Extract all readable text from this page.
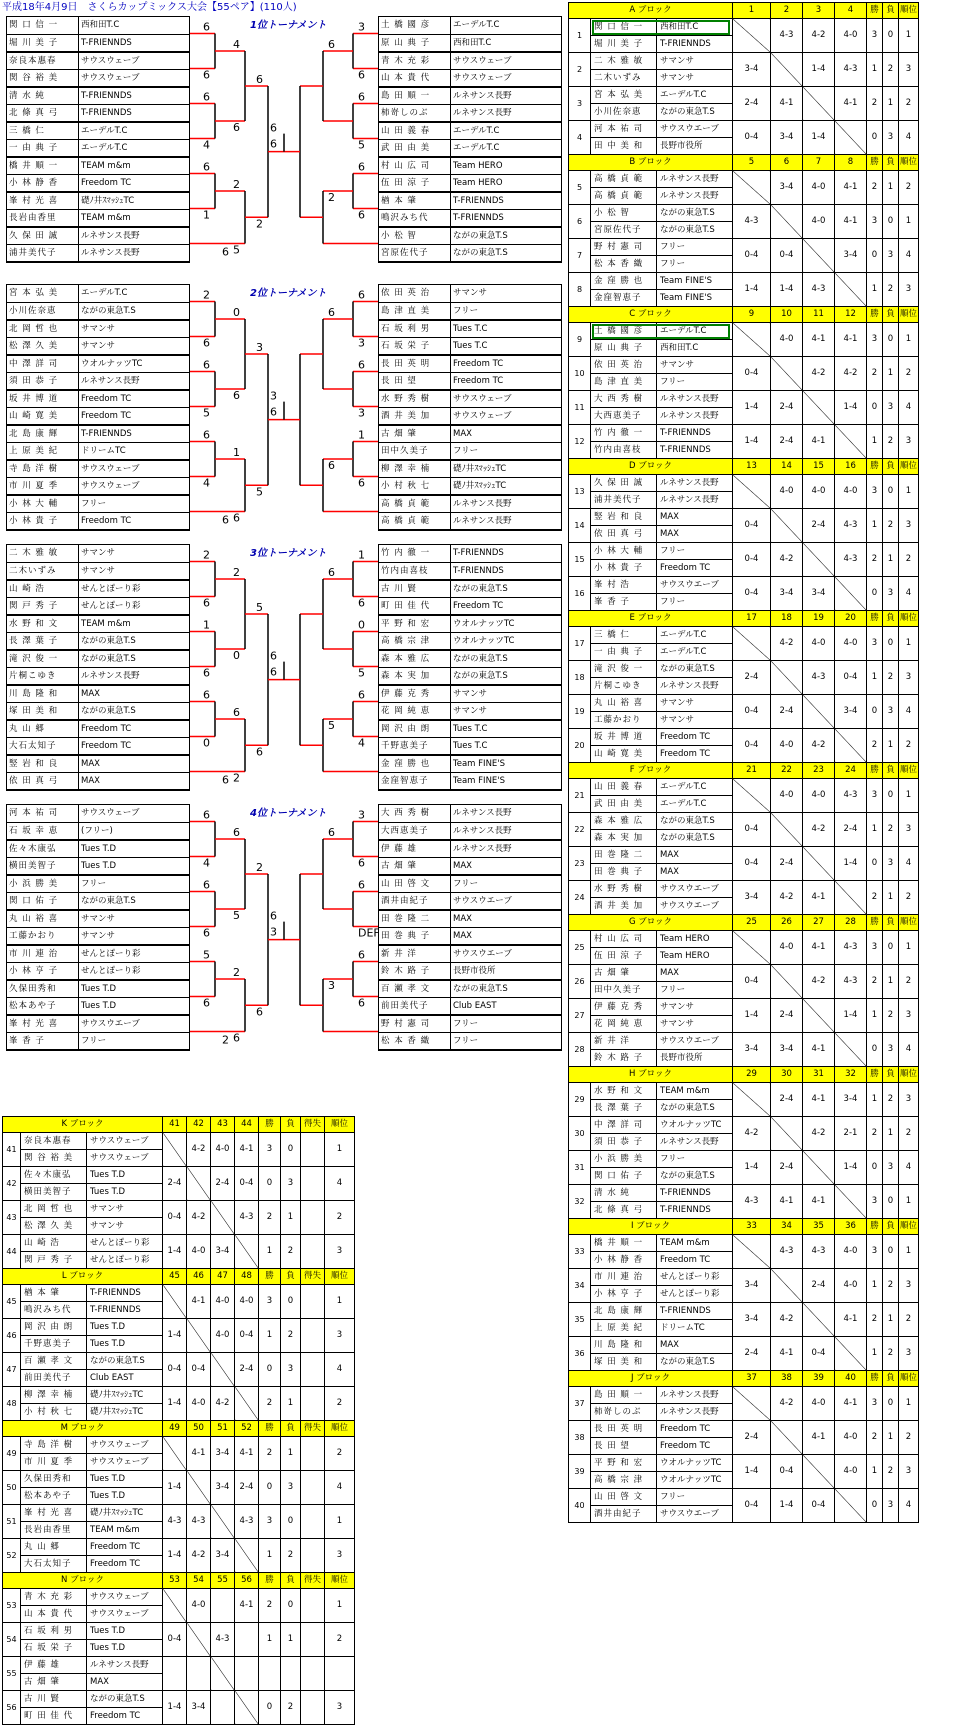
平成18年4月9日　さくらカップミックス大会【55ペア】(110人)
6
6
6
4
6
1
6
4
6
2
5
6
2
6
6
3
6
6
5
6
6
6
2
関 口 信 一	西和田T.C
堀 川 美 子	T-FRIENNDS
奈良本惠春	サウスウェーブ
関 谷 裕 美	サウスウェーブ
清 水 純	T-FRIENNDS
北 條 真 弓	T-FRIENNDS
三 橋 仁	エーデルT.C
一 由 典 子	エーデルT.C
橋 井 順 一	TEAM m&m
小 林 静 香	Freedom TC
峯 村 光 喜	礎ﾉ井ｽﾏｯｼｭTC
長岩由香里	TEAM m&m
久 保 田 誠	ルネサンス長野
浦井美代子	ルネサンス長野
土 橋 國 彦	エーデルT.C
原 山 典 子	西和田T.C
青 木 充 彩	サウスウェーブ
山 本 貴 代	サウスウェーブ
島 田 順 一	ルネサンス長野
柿嵜しのぶ	ルネサンス長野
山 田 義 春	エーデルT.C
武 田 由 美	エーデルT.C
村 山 広 司	Team HERO
伍 田 涼 子	Team HERO
楢 本 肇	T-FRIENNDS
鳴沢みち代	T-FRIENNDS
小 松 智	ながの東急T.S
宮原佐代子	ながの東急T.S
1位トーナメント
2
6
6
5
6
4
6
0
6
1
6
3
5
3
6
6
3
6
3
1
6
6
6
宮 本 弘 美	エーデルT.C
小川佐奈恵	ながの東急T.S
北 岡 哲 也	サマンサ
松 澤 久 美	サマンサ
中 澤 詳 司	ウオルナッツTC
須 田 恭 子	ルネサンス長野
坂 井 博 道	Freedom TC
山 崎 寛 美	Freedom TC
北 島 康 輝	T-FRIENNDS
上 原 美 紀	ドリームTC
寺 島 洋 樹	サウスウェーブ
市 川 夏 季	サウスウェーブ
小 林 大 輔	フリー
小 林 貴 子	Freedom TC
依 田 英 治	サマンサ
島 津 直 美	フリー
石 坂 利 男	Tues T.C
石 坂 栄 子	Tues T.C
長 田 英 明	Freedom TC
長 田 望	Freedom TC
水 野 秀 樹	サウスウェーブ
酒 井 美 加	サウスウェーブ
古 畑 肇	MAX
田中久美子	フリー
柳 澤 幸 楠	礎ﾉ井ｽﾏｯｼｭTC
小 村 秋 七	礎ﾉ井ｽﾏｯｼｭTC
高 橋 貞 範	ルネサンス長野
高 橋 貞 範	ルネサンス長野
2位トーナメント
2
6
1
6
6
0
6
2
0
6
2
5
6
6
6
1
6
0
5
6
4
6
5
二 木 雅 敏	サマンサ
二木いずみ	サマンサ
山 崎 浩	せんとぽーり彩
関 戸 秀 子	せんとぽーり彩
水 野 和 文	TEAM m&m
長 澤 葉 子	ながの東急T.S
滝 沢 俊 一	ながの東急T.S
片桐こゆき	ルネサンス長野
川 島 隆 和	MAX
塚 田 美 和	ながの東急T.S
丸 山 郷	Freedom TC
大石太知子	Freedom TC
竪 岩 和 良	MAX
依 田 真 弓	MAX
竹 内 徹 一	T-FRIENNDS
竹内由喜枝	T-FRIENNDS
古 川 賢	ながの東急T.S
町 田 佳 代	Freedom TC
平 野 和 宏	ウオルナッツTC
高 橋 宗 津	ウオルナッツTC
森 本 雅 広	ながの東急T.S
森 本 実 加	ながの東急T.S
伊 藤 克 秀	サマンサ
花 岡 純 恵	サマンサ
岡 沢 由 朗	Tues T.C
千野恵美子	Tues T.C
金 窪 勝 也	Team FINE'S
金窪智恵子	Team FINE'S
3位トーナメント
6
4
6
6
5
6
2
6
5
2
6
2
6
6
3
3
6
6
DEF
6
6
6
3
河 本 祐 司	サウスウェーブ
石 坂 幸 恵	(フリー)
佐々木康弘	Tues T.D
横田美智子	Tues T.D
小 浜 勝 美	フリー
関 口 佑 子	ながの東急T.S
丸 山 裕 喜	サマンサ
工藤かおり	サマンサ
市 川 連 治	せんとぽーり彩
小 林 亨 子	せんとぽーり彩
久保田秀和	Tues T.D
松本あや子	Tues T.D
峯 村 光 喜	サウスウエーブ
峯 香 子	フリー
大 西 秀 樹	ルネサンス長野
大西恵美子	ルネサンス長野
伊 藤 雄	ルネサンス長野
古 畑 肇	MAX
山 田 啓 文	フリー
酒井由紀子	サウスウエーブ
田 巻 隆 二	MAX
田 巻 典 子	MAX
新 井 洋	サウスウエーブ
鈴 木 路 子	長野市役所
百 瀬 孝 文	ながの東急T.S
前田美代子	Club EAST
野 村 憲 司	フリー
松 本 香 織	フリー
4位トーナメント
A ブロック			1	2	3	4	勝	負	順位
1	関 口 信 一	西和田T.C		4-3	4-2	4-0	3	0	1
	堀 川 美 子	T-FRIENNDS							
2	二 木 雅 敏	サマンサ	3-4		1-4	4-3	1	2	3
	二木いずみ	サマンサ							
3	宮 本 弘 美	エーデルT.C	2-4	4-1		4-1	2	1	2
	小川佐奈恵	ながの東急T.S							
4	河 本 祐 司	サウスウエーブ	0-4	3-4	1-4		0	3	4
	田 中 美 和	長野市役所							
B ブロック			5	6	7	8	勝	負	順位
5	高 橋 貞 範	ルネサンス長野		3-4	4-0	4-1	2	1	2
	高 橋 貞 範	ルネサンス長野							
6	小 松 智	ながの東急T.S	4-3		4-0	4-1	3	0	1
	宮原佐代子	ながの東急T.S							
7	野 村 憲 司	フリー	0-4	0-4		3-4	0	3	4
	松 本 香 織	フリー							
8	金 窪 勝 也	Team FINE'S	1-4	1-4	4-3		1	2	3
	金窪智恵子	Team FINE'S							
C ブロック			9	10	11	12	勝	負	順位
9	土 橋 國 彦	エーデルT.C		4-0	4-1	4-1	3	0	1
	原 山 典 子	西和田T.C							
10	依 田 英 治	サマンサ	0-4		4-2	4-2	2	1	2
	島 津 直 美	フリー							
11	大 西 秀 樹	ルネサンス長野	1-4	2-4		1-4	0	3	4
	大西恵美子	ルネサンス長野							
12	竹 内 徹 一	T-FRIENNDS	1-4	2-4	4-1		1	2	3
	竹内由喜枝	T-FRIENNDS							
D ブロック			13	14	15	16	勝	負	順位
13	久 保 田 誠	ルネサンス長野		4-0	4-0	4-0	3	0	1
	浦井美代子	ルネサンス長野							
14	竪 岩 和 良	MAX	0-4		2-4	4-3	1	2	3
	依 田 真 弓	MAX							
15	小 林 大 輔	フリー	0-4	4-2		4-3	2	1	2
	小 林 貴 子	Freedom TC							
16	峯 村 浩	サウスウエーブ	0-4	3-4	3-4		0	3	4
	峯 香 子	フリー							
E ブロック			17	18	19	20	勝	負	順位
17	三 橋 仁	エーデルT.C		4-2	4-0	4-0	3	0	1
	一 由 典 子	エーデルT.C							
18	滝 沢 俊 一	ながの東急T.S	2-4		4-3	0-4	1	2	3
	片桐こゆき	ルネサンス長野							
19	丸 山 裕 喜	サマンサ	0-4	2-4		3-4	0	3	4
	工藤かおり	サマンサ							
20	坂 井 博 道	Freedom TC	0-4	4-0	4-2		2	1	2
	山 崎 寛 美	Freedom TC							
F ブロック			21	22	23	24	勝	負	順位
21	山 田 義 春	エーデルT.C		4-0	4-0	4-3	3	0	1
	武 田 由 美	エーデルT.C							
22	森 本 雅 広	ながの東急T.S	0-4		4-2	2-4	1	2	3
	森 本 実 加	ながの東急T.S							
23	田 巻 隆 二	MAX	0-4	2-4		1-4	0	3	4
	田 巻 典 子	MAX							
24	水 野 秀 樹	サウスウエーブ	3-4	4-2	4-1		2	1	2
	酒 井 美 加	サウスウエーブ							
G ブロック			25	26	27	28	勝	負	順位
25	村 山 広 司	Team HERO		4-0	4-1	4-3	3	0	1
	伍 田 涼 子	Team HERO							
26	古 畑 肇	MAX	0-4		4-2	4-3	2	1	2
	田中久美子	フリー							
27	伊 藤 克 秀	サマンサ	1-4	2-4		1-4	1	2	3
	花 岡 純 恵	サマンサ							
28	新 井 洋	サウスウエーブ	3-4	3-4	4-1		0	3	4
	鈴 木 路 子	長野市役所							
H ブロック			29	30	31	32	勝	負	順位
29	水 野 和 文	TEAM m&m		2-4	4-1	3-4	1	2	3
	長 澤 葉 子	ながの東急T.S							
30	中 澤 詳 司	ウオルナッツTC	4-2		4-2	2-1	2	1	2
	須 田 恭 子	ルネサンス長野							
31	小 浜 勝 美	フリー	1-4	2-4		1-4	0	3	4
	関 口 佑 子	ながの東急T.S							
32	清 水 純	T-FRIENNDS	4-3	4-1	4-1		3	0	1
	北 條 真 弓	T-FRIENNDS							
I ブロック			33	34	35	36	勝	負	順位
33	橋 井 順 一	TEAM m&m		4-3	4-3	4-0	3	0	1
	小 林 静 香	Freedom TC							
34	市 川 連 治	せんとぽーり彩	3-4		2-4	4-0	1	2	3
	小 林 亨 子	せんとぽーり彩							
35	北 島 康 輝	T-FRIENNDS	3-4	4-2		4-1	2	1	2
	上 原 美 紀	ドリームTC							
36	川 島 隆 和	MAX	2-4	4-1	0-4		1	2	3
	塚 田 美 和	ながの東急T.S							
J ブロック			37	38	39	40	勝	負	順位
37	島 田 順 一	ルネサンス長野		4-2	4-0	4-1	3	0	1
	柿嵜しのぶ	ルネサンス長野							
38	長 田 英 明	Freedom TC	2-4		4-1	4-0	2	1	2
	長 田 望	Freedom TC							
39	平 野 和 宏	ウオルナッツTC	1-4	0-4		4-0	1	2	3
	高 橋 宗 津	ウオルナッツTC							
40	山 田 啓 文	フリー	0-4	1-4	0-4		0	3	4
	酒井由紀子	サウスウエーブ							
K ブロック			41	42	43	44	勝	負	得失	順位
41	奈良本惠春	サウスウェーブ		4-2	4-0	4-1	3	0		1
	関 谷 裕 美	サウスウェーブ								
42	佐々木康弘	Tues T.D	2-4		2-4	0-4	0	3		4
	横田美智子	Tues T.D								
43	北 岡 哲 也	サマンサ	0-4	4-2		4-3	2	1		2
	松 澤 久 美	サマンサ								
44	山 崎 浩	せんとぽーり彩	1-4	4-0	3-4		1	2		3
	関 戸 秀 子	せんとぽーり彩								
L ブロック			45	46	47	48	勝	負	得失	順位
45	楢 本 肇	T-FRIENNDS		4-1	4-0	4-0	3	0		1
	鳴沢みち代	T-FRIENNDS								
46	岡 沢 由 朗	Tues T.D	1-4		4-0	0-4	1	2		3
	千野恵美子	Tues T.D								
47	百 瀬 孝 文	ながの東急T.S	0-4	0-4		2-4	0	3		4
	前田美代子	Club EAST								
48	柳 澤 幸 楠	礎ﾉ井ｽﾏｯｼｭTC	1-4	4-0	4-2		2	1		2
	小 村 秋 七	礎ﾉ井ｽﾏｯｼｭTC								
M ブロック			49	50	51	52	勝	負	得失	順位
49	寺 島 洋 樹	サウスウェーブ		4-1	3-4	4-1	2	1		2
	市 川 夏 季	サウスウェーブ								
50	久保田秀和	Tues T.D	1-4		3-4	2-4	0	3		4
	松本あや子	Tues T.D								
51	峯 村 光 喜	礎ﾉ井ｽﾏｯｼｭTC	4-3	4-3		4-3	3	0		1
	長岩由香里	TEAM m&m								
52	丸 山 郷	Freedom TC	1-4	4-2	3-4		1	2		3
	大石太知子	Freedom TC								
N ブロック			53	54	55	56	勝	負	得失	順位
53	青 木 充 彩	サウスウェーブ		4-0		4-1	2	0		1
	山 本 貴 代	サウスウェーブ								
54	石 坂 利 男	Tues T.D	0-4		4-3		1	1		2
	石 坂 栄 子	Tues T.D								
55	伊 藤 雄	ルネサンス長野								
	古 畑 肇	MAX								
56	古 川 賢	ながの東急T.S	1-4	3-4			0	2		3
	町 田 佳 代	Freedom TC								
